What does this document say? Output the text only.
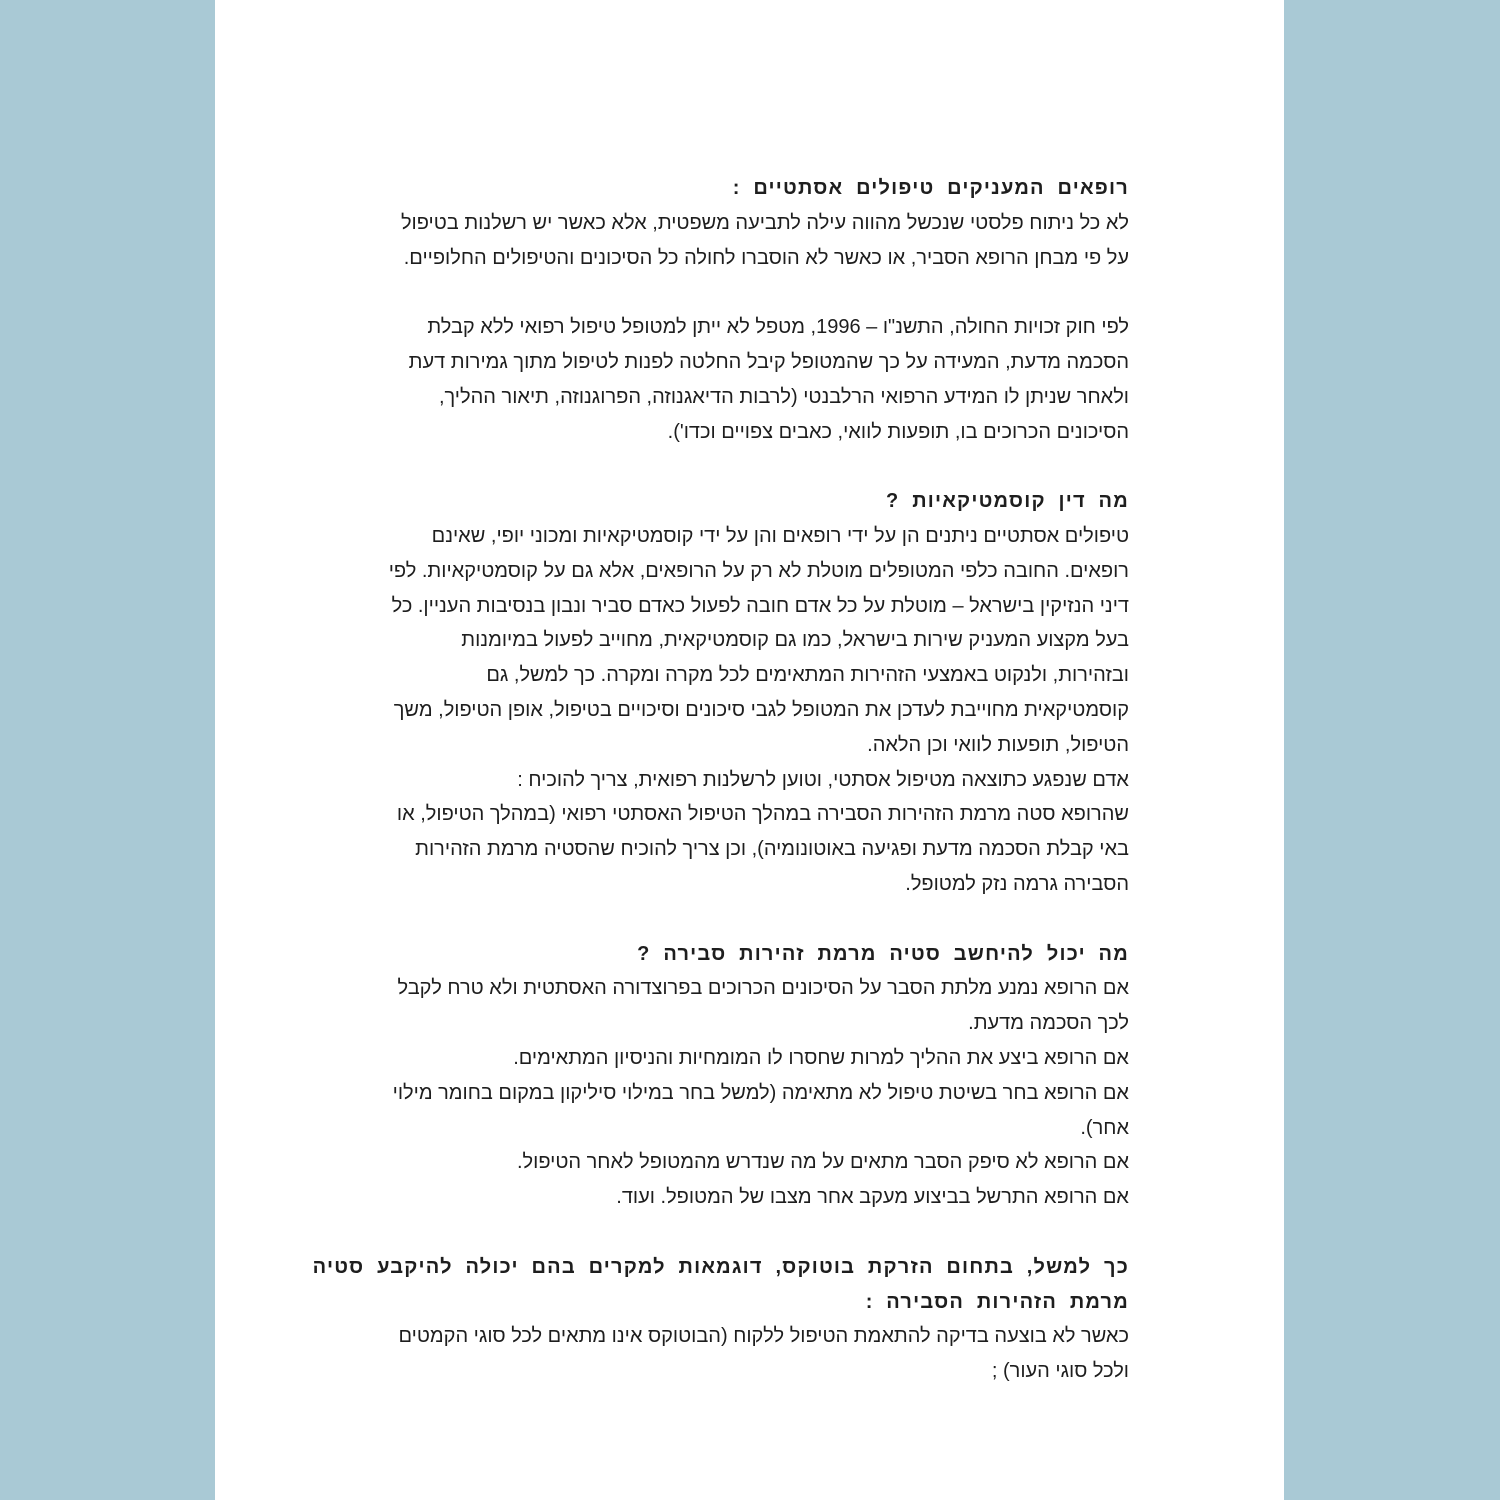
רופאים המעניקים טיפולים אסתטיים :
לא כל ניתוח פלסטי שנכשל מהווה עילה לתביעה משפטית, אלא כאשר יש רשלנות בטיפול
על פי מבחן הרופא הסביר, או כאשר לא הוסברו לחולה כל הסיכונים והטיפולים החלופיים.
לפי חוק זכויות החולה, התשנ"ו – 1996, מטפל לא ייתן למטופל טיפול רפואי ללא קבלת
הסכמה מדעת, המעידה על כך שהמטופל קיבל החלטה לפנות לטיפול מתוך גמירות דעת
ולאחר שניתן לו המידע הרפואי הרלבנטי (לרבות הדיאגנוזה, הפרוגנוזה, תיאור ההליך,
הסיכונים הכרוכים בו, תופעות לוואי, כאבים צפויים וכדו').
מה דין קוסמטיקאיות ?
טיפולים אסתטיים ניתנים הן על ידי רופאים והן על ידי קוסמטיקאיות ומכוני יופי, שאינם
רופאים. החובה כלפי המטופלים מוטלת לא רק על הרופאים, אלא גם על קוסמטיקאיות. לפי
דיני הנזיקין בישראל – מוטלת על כל אדם חובה לפעול כאדם סביר ונבון בנסיבות העניין. כל
בעל מקצוע המעניק שירות בישראל, כמו גם קוסמטיקאית, מחוייב לפעול במיומנות
ובזהירות, ולנקוט באמצעי הזהירות המתאימים לכל מקרה ומקרה. כך למשל, גם
קוסמטיקאית מחוייבת לעדכן את המטופל לגבי סיכונים וסיכויים בטיפול, אופן הטיפול, משך
הטיפול, תופעות לוואי וכן הלאה.
אדם שנפגע כתוצאה מטיפול אסתטי, וטוען לרשלנות רפואית, צריך להוכיח :
שהרופא סטה מרמת הזהירות הסבירה במהלך הטיפול האסתטי רפואי (במהלך הטיפול, או
באי קבלת הסכמה מדעת ופגיעה באוטונומיה), וכן צריך להוכיח שהסטיה מרמת הזהירות
הסבירה גרמה נזק למטופל.
מה יכול להיחשב סטיה מרמת זהירות סבירה ?
אם הרופא נמנע מלתת הסבר על הסיכונים הכרוכים בפרוצדורה האסתטית ולא טרח לקבל
לכך הסכמה מדעת.
אם הרופא ביצע את ההליך למרות שחסרו לו המומחיות והניסיון המתאימים.
אם הרופא בחר בשיטת טיפול לא מתאימה (למשל בחר במילוי סיליקון במקום בחומר מילוי
אחר).
אם הרופא לא סיפק הסבר מתאים על מה שנדרש מהמטופל לאחר הטיפול.
אם הרופא התרשל בביצוע מעקב אחר מצבו של המטופל. ועוד.
כך למשל, בתחום הזרקת בוטוקס, דוגמאות למקרים בהם יכולה להיקבע סטיה
מרמת הזהירות הסבירה :
כאשר לא בוצעה בדיקה להתאמת הטיפול ללקוח (הבוטוקס אינו מתאים לכל סוגי הקמטים
ולכל סוגי העור) ;
